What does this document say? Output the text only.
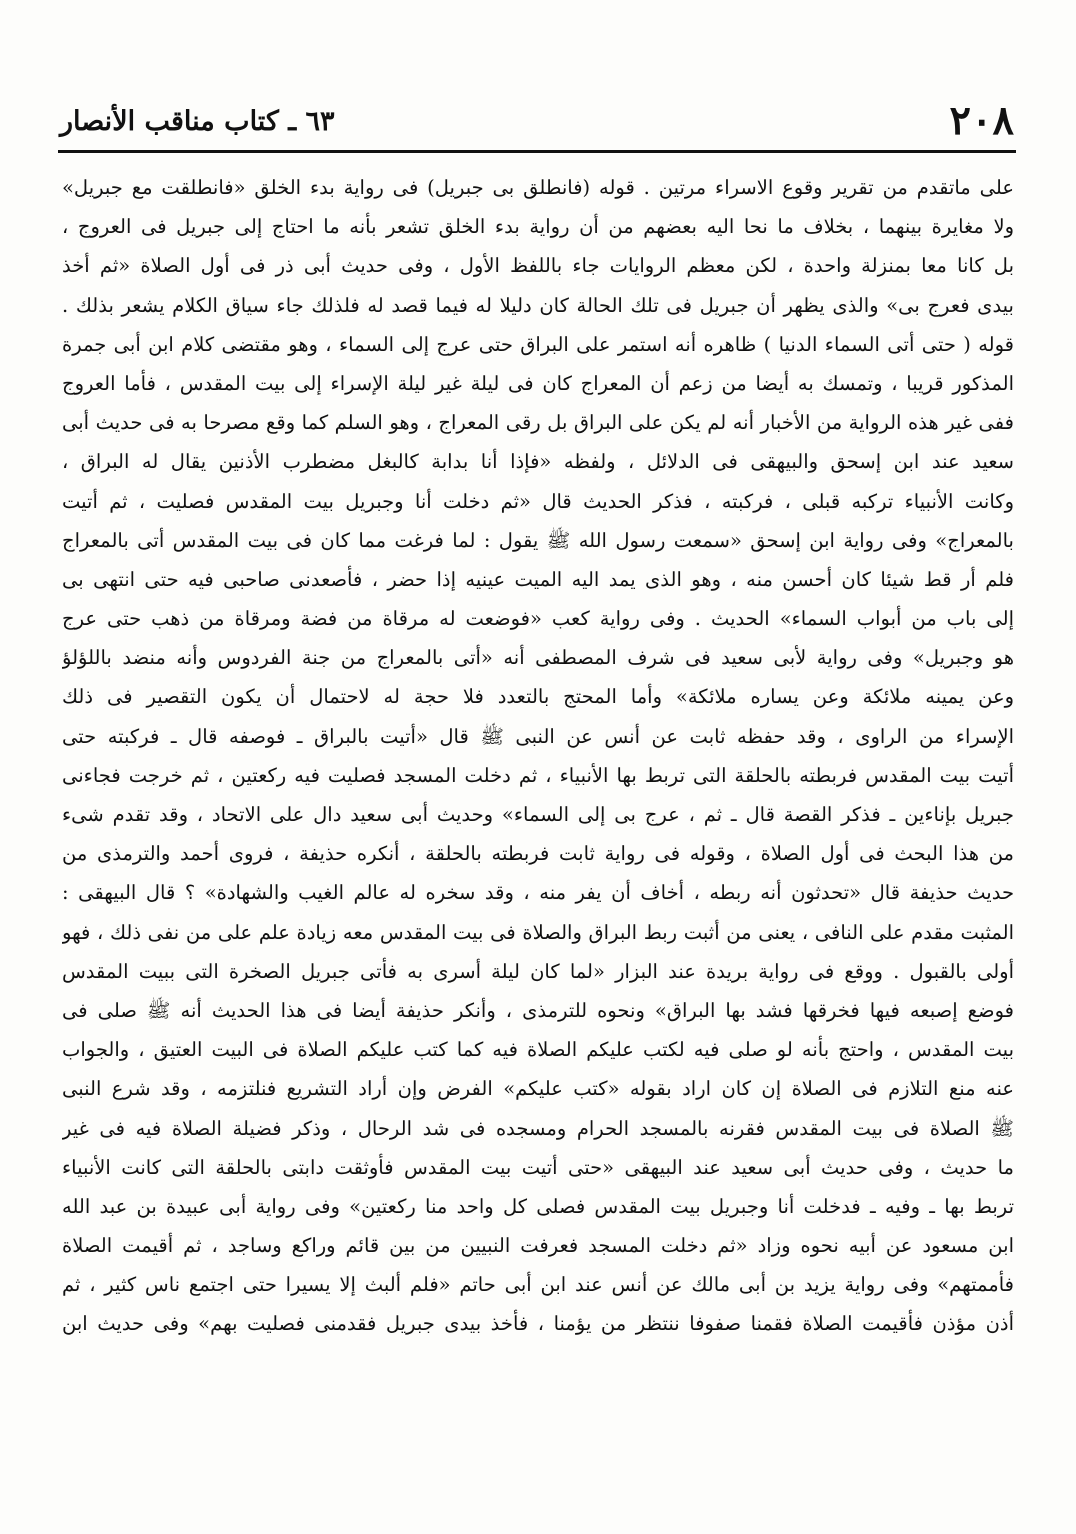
٢٠٨
٦٣ ـ كتاب مناقب الأنصار
على ماتقدم من تقرير وقوع الاسراء مرتين . قوله (فانطلق بى جبريل) فى رواية بدء الخلق «فانطلقت مع جبريل»
ولا مغايرة بينهما ، بخلاف ما نحا اليه بعضهم من أن رواية بدء الخلق تشعر بأنه ما احتاج إلى جبريل فى العروج ،
بل كانا معا بمنزلة واحدة ، لكن معظم الروايات جاء باللفظ الأول ، وفى حديث أبى ذر فى أول الصلاة «ثم أخذ
بيدى فعرج بى» والذى يظهر أن جبريل فى تلك الحالة كان دليلا له فيما قصد له فلذلك جاء سياق الكلام يشعر بذلك .
قوله ( حتى أتى السماء الدنيا ) ظاهره أنه استمر على البراق حتى عرج إلى السماء ، وهو مقتضى كلام ابن أبى جمرة
المذكور قريبا ، وتمسك به أيضا من زعم أن المعراج كان فى ليلة غير ليلة الإسراء إلى بيت المقدس ، فأما العروج
ففى غير هذه الرواية من الأخبار أنه لم يكن على البراق بل رقى المعراج ، وهو السلم كما وقع مصرحا به فى حديث أبى
سعيد عند ابن إسحق والبيهقى فى الدلائل ، ولفظه «فإذا أنا بدابة كالبغل مضطرب الأذنين يقال له البراق ،
وكانت الأنبياء تركبه قبلى ، فركبته ، فذكر الحديث قال «ثم دخلت أنا وجبريل بيت المقدس فصليت ، ثم أتيت
بالمعراج» وفى رواية ابن إسحق «سمعت رسول الله ﷺ يقول : لما فرغت مما كان فى بيت المقدس أتى بالمعراج
فلم أر قط شيئا كان أحسن منه ، وهو الذى يمد اليه الميت عينيه إذا حضر ، فأصعدنى صاحبى فيه حتى انتهى بى
إلى باب من أبواب السماء» الحديث . وفى رواية كعب «فوضعت له مرقاة من فضة ومرقاة من ذهب حتى عرج
هو وجبريل» وفى رواية لأبى سعيد فى شرف المصطفى أنه «أتى بالمعراج من جنة الفردوس وأنه منضد باللؤلؤ
وعن يمينه ملائكة وعن يساره ملائكة» وأما المحتج بالتعدد فلا حجة له لاحتمال أن يكون التقصير فى ذلك
الإسراء من الراوى ، وقد حفظه ثابت عن أنس عن النبى ﷺ قال «أتيت بالبراق ـ فوصفه قال ـ فركبته حتى
أتيت بيت المقدس فربطته بالحلقة التى تربط بها الأنبياء ، ثم دخلت المسجد فصليت فيه ركعتين ، ثم خرجت فجاءنى
جبريل بإناءين ـ فذكر القصة قال ـ ثم ، عرج بى إلى السماء» وحديث أبى سعيد دال على الاتحاد ، وقد تقدم شىء
من هذا البحث فى أول الصلاة ، وقوله فى رواية ثابت فربطته بالحلقة ، أنكره حذيفة ، فروى أحمد والترمذى من
حديث حذيفة قال «تحدثون أنه ربطه ، أخاف أن يفر منه ، وقد سخره له عالم الغيب والشهادة» ؟ قال البيهقى :
المثبت مقدم على النافى ، يعنى من أثبت ربط البراق والصلاة فى بيت المقدس معه زيادة علم على من نفى ذلك ، فهو
أولى بالقبول . ووقع فى رواية بريدة عند البزار «لما كان ليلة أسرى به فأتى جبريل الصخرة التى ببيت المقدس
فوضع إصبعه فيها فخرقها فشد بها البراق» ونحوه للترمذى ، وأنكر حذيفة أيضا فى هذا الحديث أنه ﷺ صلى فى
بيت المقدس ، واحتج بأنه لو صلى فيه لكتب عليكم الصلاة فيه كما كتب عليكم الصلاة فى البيت العتيق ، والجواب
عنه منع التلازم فى الصلاة إن كان اراد بقوله «كتب عليكم» الفرض وإن أراد التشريع فنلتزمه ، وقد شرع النبى
ﷺ الصلاة فى بيت المقدس فقرنه بالمسجد الحرام ومسجده فى شد الرحال ، وذكر فضيلة الصلاة فيه فى غير
ما حديث ، وفى حديث أبى سعيد عند البيهقى «حتى أتيت بيت المقدس فأوثقت دابتى بالحلقة التى كانت الأنبياء
تربط بها ـ وفيه ـ فدخلت أنا وجبريل بيت المقدس فصلى كل واحد منا ركعتين» وفى رواية أبى عبيدة بن عبد الله
ابن مسعود عن أبيه نحوه وزاد «ثم دخلت المسجد فعرفت النبيين من بين قائم وراكع وساجد ، ثم أقيمت الصلاة
فأممتهم» وفى رواية يزيد بن أبى مالك عن أنس عند ابن أبى حاتم «فلم ألبث إلا يسيرا حتى اجتمع ناس كثير ، ثم
أذن مؤذن فأقيمت الصلاة فقمنا صفوفا ننتظر من يؤمنا ، فأخذ بيدى جبريل فقدمنى فصليت بهم» وفى حديث ابن
